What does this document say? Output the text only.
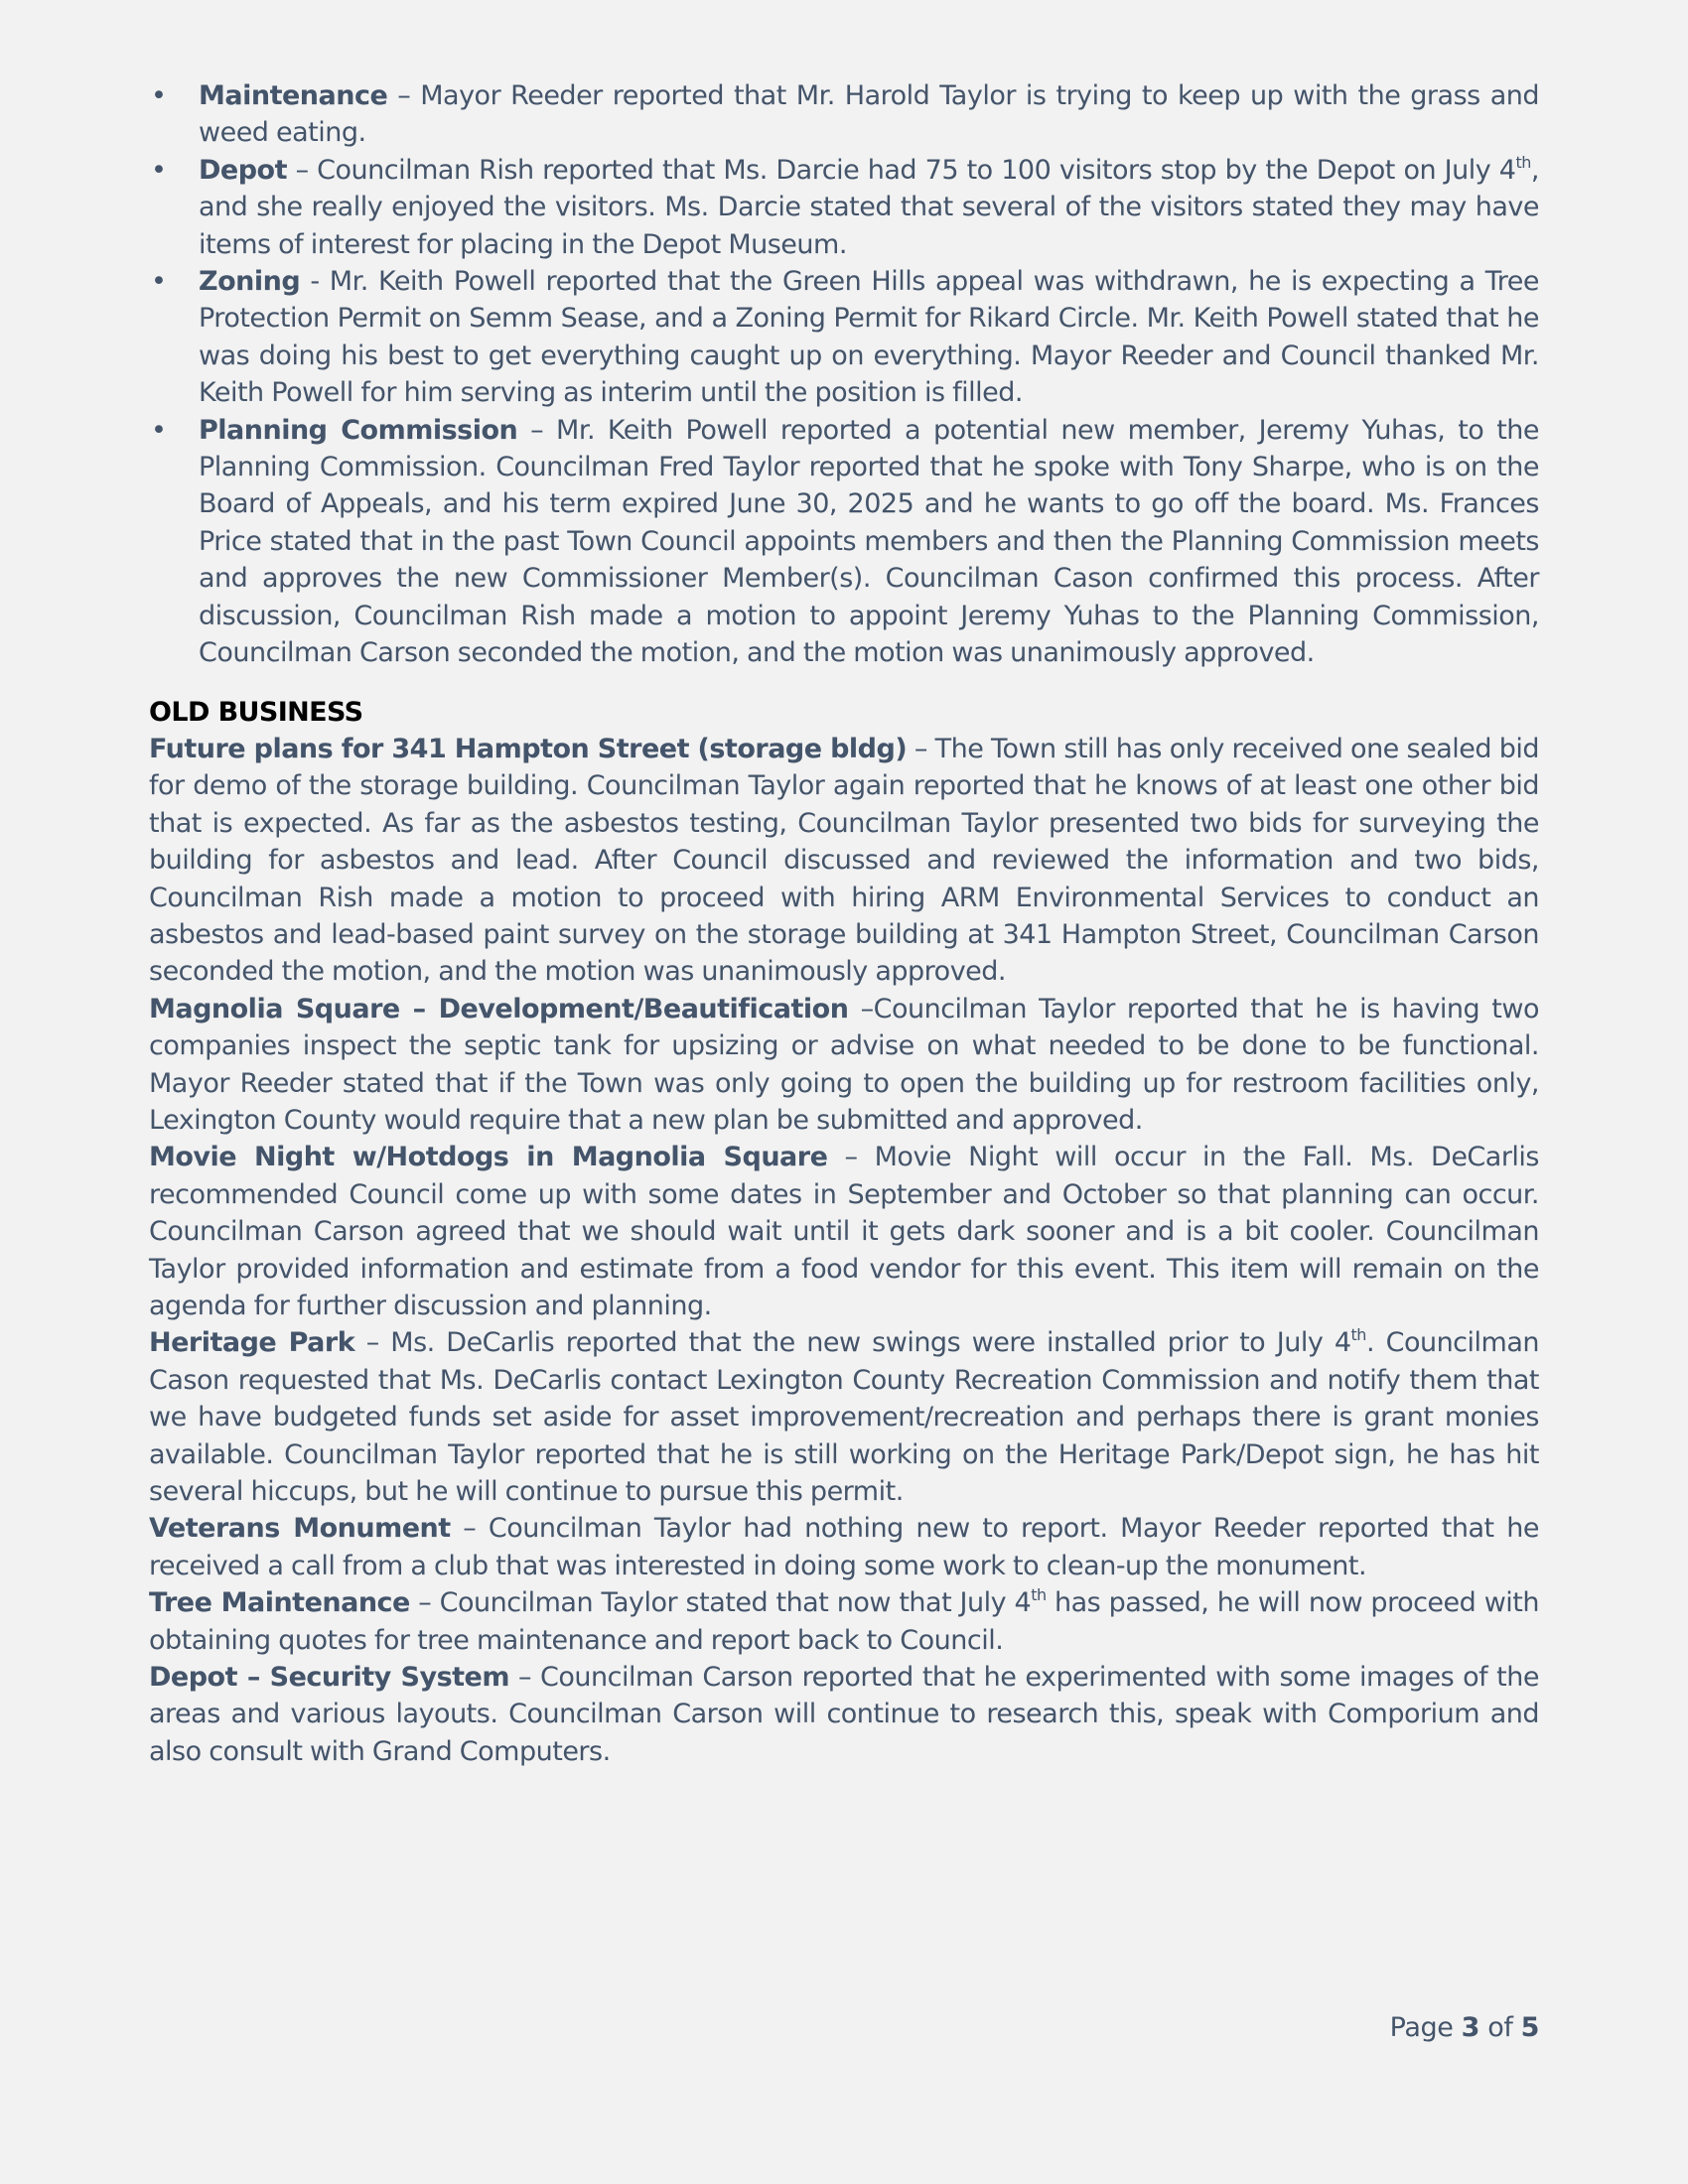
• Maintenance – Mayor Reeder reported that Mr. Harold Taylor is trying to keep up with the grass and weed eating.
• Depot – Councilman Rish reported that Ms. Darcie had 75 to 100 visitors stop by the Depot on July 4th, and she really enjoyed the visitors. Ms. Darcie stated that several of the visitors stated they may have items of interest for placing in the Depot Museum.
• Zoning - Mr. Keith Powell reported that the Green Hills appeal was withdrawn, he is expecting a Tree Protection Permit on Semm Sease, and a Zoning Permit for Rikard Circle. Mr. Keith Powell stated that he was doing his best to get everything caught up on everything. Mayor Reeder and Council thanked Mr. Keith Powell for him serving as interim until the position is filled.
• Planning Commission – Mr. Keith Powell reported a potential new member, Jeremy Yuhas, to the Planning Commission. Councilman Fred Taylor reported that he spoke with Tony Sharpe, who is on the Board of Appeals, and his term expired June 30, 2025 and he wants to go off the board. Ms. Frances Price stated that in the past Town Council appoints members and then the Planning Commission meets and approves the new Commissioner Member(s). Councilman Cason confirmed this process. After discussion, Councilman Rish made a motion to appoint Jeremy Yuhas to the Planning Commission, Councilman Carson seconded the motion, and the motion was unanimously approved.
OLD BUSINESS
Future plans for 341 Hampton Street (storage bldg) – The Town still has only received one sealed bid for demo of the storage building. Councilman Taylor again reported that he knows of at least one other bid that is expected. As far as the asbestos testing, Councilman Taylor presented two bids for surveying the building for asbestos and lead. After Council discussed and reviewed the information and two bids, Councilman Rish made a motion to proceed with hiring ARM Environmental Services to conduct an asbestos and lead-based paint survey on the storage building at 341 Hampton Street, Councilman Carson seconded the motion, and the motion was unanimously approved.
Magnolia Square – Development/Beautification –Councilman Taylor reported that he is having two companies inspect the septic tank for upsizing or advise on what needed to be done to be functional. Mayor Reeder stated that if the Town was only going to open the building up for restroom facilities only, Lexington County would require that a new plan be submitted and approved.
Movie Night w/Hotdogs in Magnolia Square – Movie Night will occur in the Fall. Ms. DeCarlis recommended Council come up with some dates in September and October so that planning can occur. Councilman Carson agreed that we should wait until it gets dark sooner and is a bit cooler. Councilman Taylor provided information and estimate from a food vendor for this event. This item will remain on the agenda for further discussion and planning.
Heritage Park – Ms. DeCarlis reported that the new swings were installed prior to July 4th. Councilman Cason requested that Ms. DeCarlis contact Lexington County Recreation Commission and notify them that we have budgeted funds set aside for asset improvement/recreation and perhaps there is grant monies available. Councilman Taylor reported that he is still working on the Heritage Park/Depot sign, he has hit several hiccups, but he will continue to pursue this permit.
Veterans Monument – Councilman Taylor had nothing new to report. Mayor Reeder reported that he received a call from a club that was interested in doing some work to clean-up the monument.
Tree Maintenance – Councilman Taylor stated that now that July 4th has passed, he will now proceed with obtaining quotes for tree maintenance and report back to Council.
Depot – Security System – Councilman Carson reported that he experimented with some images of the areas and various layouts. Councilman Carson will continue to research this, speak with Comporium and also consult with Grand Computers.
Page 3 of 5
